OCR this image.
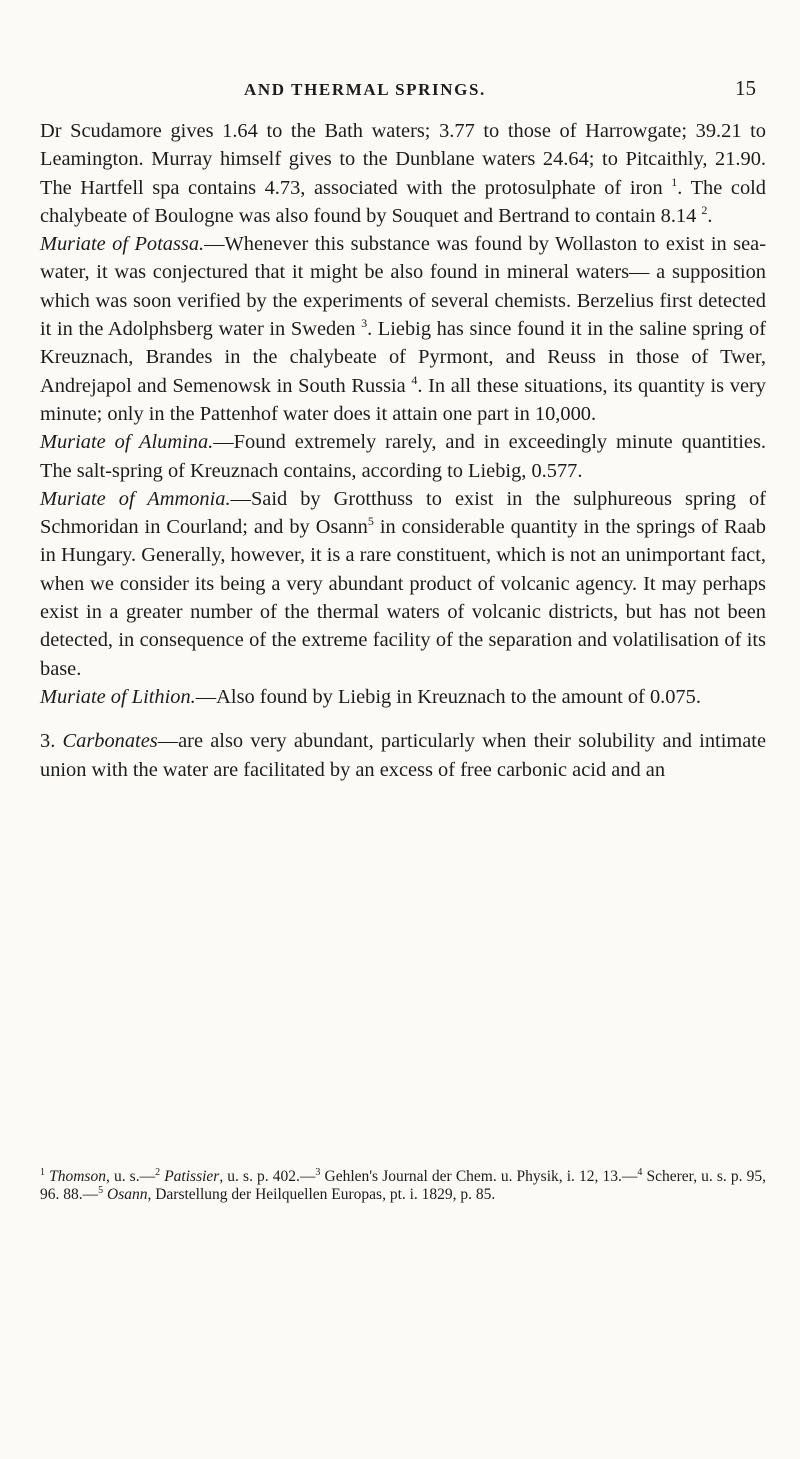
AND THERMAL SPRINGS.	15

Dr Scudamore gives 1.64 to the Bath waters; 3.77 to those of Harrowgate; 39.21 to Leamington. Murray himself gives to the Dunblane waters 24.64; to Pitcaithly, 21.90. The Hartfell spa contains 4.73, associated with the protosulphate of iron $^1$. The cold chalybeate of Boulogne was also found by Souquet and Bertrand to contain 8.14 $^2$.

Muriate of Potassa.—Whenever this substance was found by Wollaston to exist in sea-water, it was conjectured that it might be also found in mineral waters— a supposition which was soon verified by the experiments of several chemists. Berzelius first detected it in the Adolphsberg water in Sweden $^3$. Liebig has since found it in the saline spring of Kreuznach, Brandes in the chalybeate of Pyrmont, and Reuss in those of Twer, Andrejapol and Semenowsk in South Russia $^4$. In all these situations, its quantity is very minute; only in the Pattenhof water does it attain one part in 10,000.

Muriate of Alumina.—Found extremely rarely, and in exceedingly minute quantities. The salt-spring of Kreuznach contains, according to Liebig, 0.577.

Muriate of Ammonia.—Said by Grotthuss to exist in the sulphureous spring of Schmoridan in Courland; and by Osann$^5$ in considerable quantity in the springs of Raab in Hungary. Generally, however, it is a rare constituent, which is not an unimportant fact, when we consider its being a very abundant product of volcanic agency. It may perhaps exist in a greater number of the thermal waters of volcanic districts, but has not been detected, in consequence of the extreme facility of the separation and volatilisation of its base.

Muriate of Lithion.—Also found by Liebig in Kreuznach to the amount of 0.075.

3. Carbonates—are also very abundant, particularly when their solubility and intimate union with the water are facilitated by an excess of free carbonic acid and an

$^1$ Thomson, u. s.—$^2$ Patissier, u. s. p. 402.—$^3$ Gehlen's Journal der Chem. u. Physik, i. 12, 13.—$^4$ Scherer, u. s. p. 95, 96. 88.—$^5$ Osann, Darstellung der Heilquellen Europas, pt. i. 1829, p. 85.
